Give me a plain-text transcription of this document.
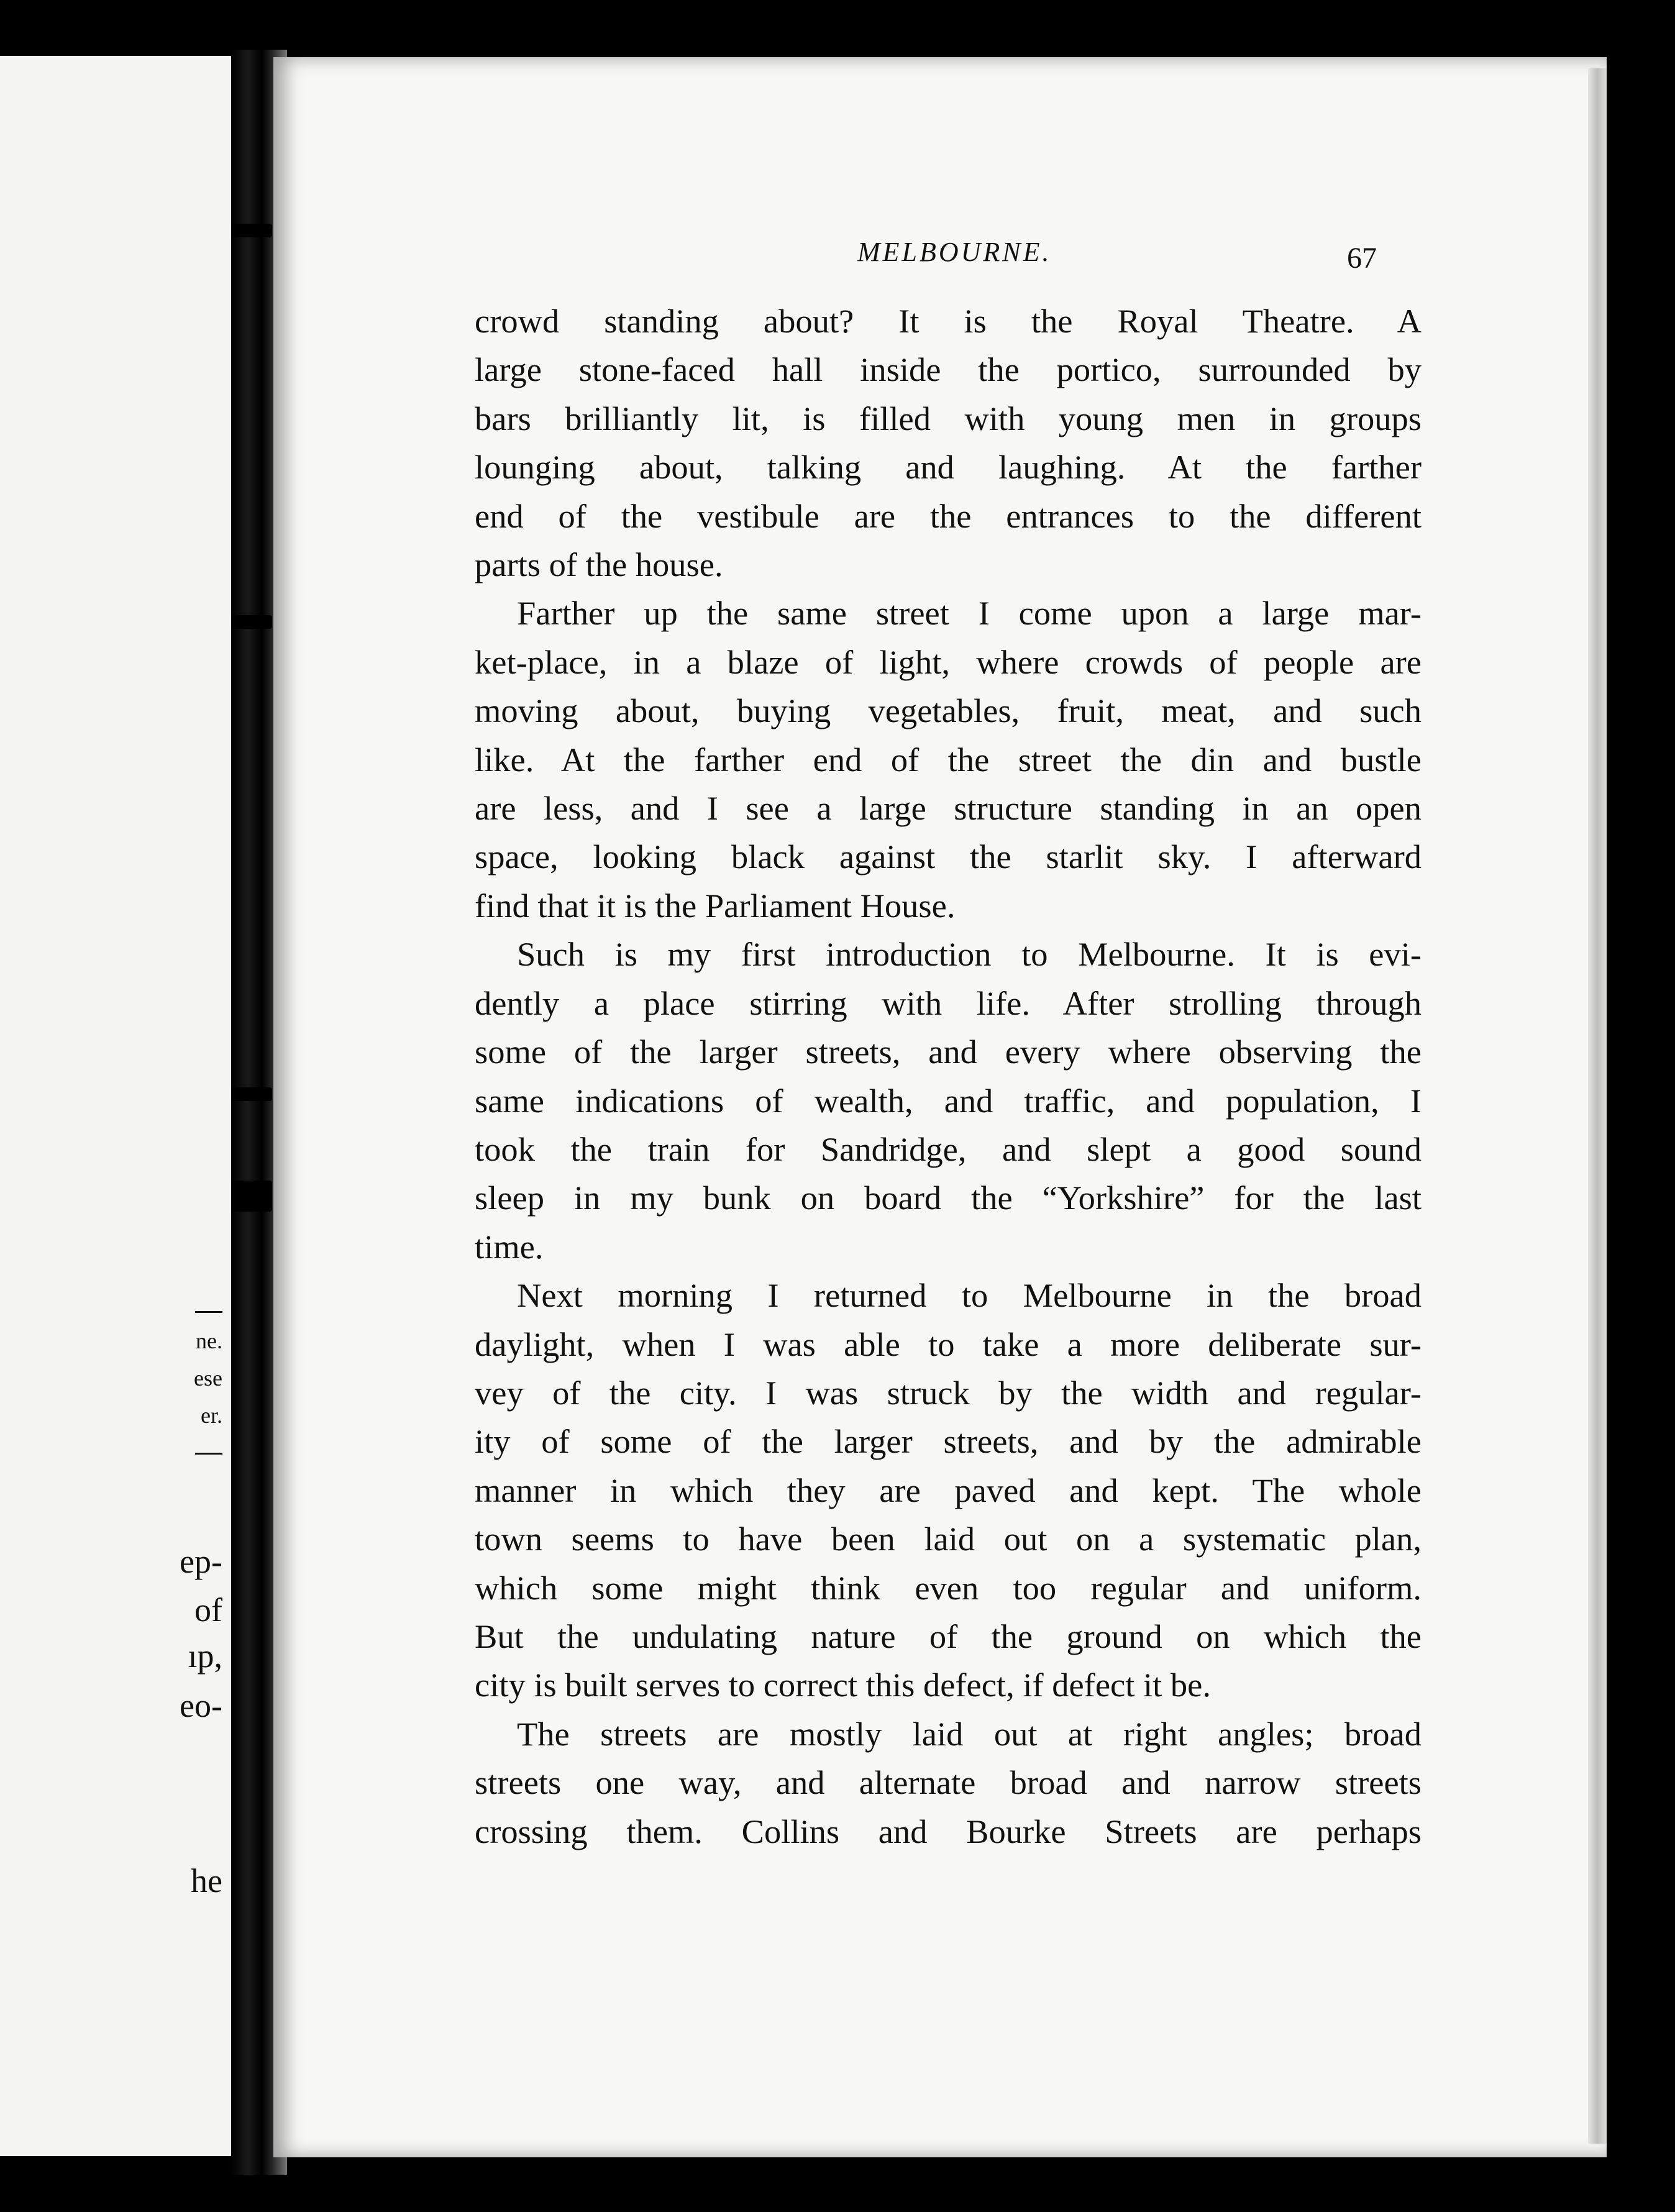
ne.
ese
er.
ep-
of
ıp,
eo-
he
MELBOURNE.	67

crowd standing about? It is the Royal Theatre. A
large stone-faced hall inside the portico, surrounded by
bars brilliantly lit, is filled with young men in groups
lounging about, talking and laughing. At the farther
end of the vestibule are the entrances to the different
parts of the house.

Farther up the same street I come upon a large mar-
ket-place, in a blaze of light, where crowds of people are
moving about, buying vegetables, fruit, meat, and such
like. At the farther end of the street the din and bustle
are less, and I see a large structure standing in an open
space, looking black against the starlit sky. I afterward
find that it is the Parliament House.

Such is my first introduction to Melbourne. It is evi-
dently a place stirring with life. After strolling through
some of the larger streets, and every where observing the
same indications of wealth, and traffic, and population, I
took the train for Sandridge, and slept a good sound
sleep in my bunk on board the “Yorkshire” for the last
time.

Next morning I returned to Melbourne in the broad
daylight, when I was able to take a more deliberate sur-
vey of the city. I was struck by the width and regular-
ity of some of the larger streets, and by the admirable
manner in which they are paved and kept. The whole
town seems to have been laid out on a systematic plan,
which some might think even too regular and uniform.
But the undulating nature of the ground on which the
city is built serves to correct this defect, if defect it be.

The streets are mostly laid out at right angles; broad
streets one way, and alternate broad and narrow streets
crossing them. Collins and Bourke Streets are perhaps
